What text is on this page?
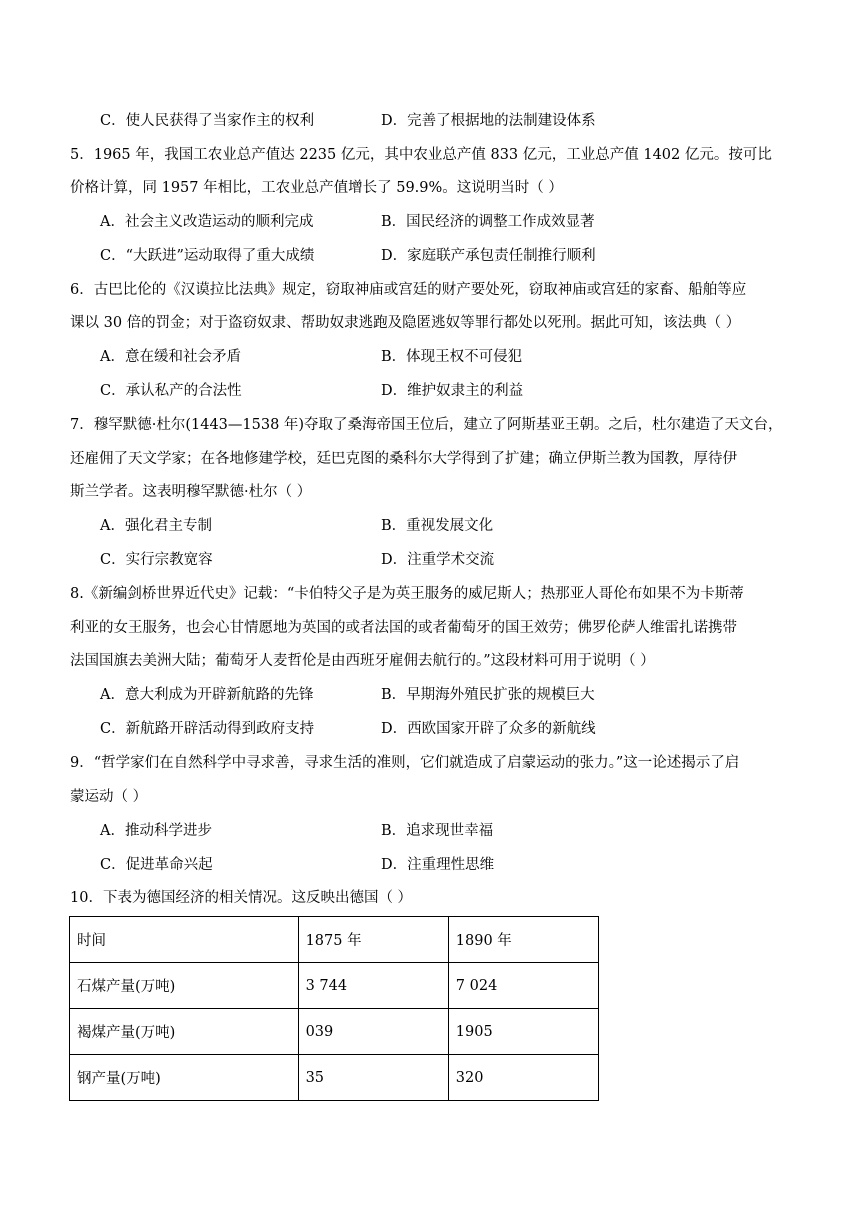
C．使人民获得了当家作主的权利	D．完善了根据地的法制建设体系
5．1965 年，我国工农业总产值达 2235 亿元，其中农业总产值 833 亿元，工业总产值 1402 亿元。按可比
价格计算，同 1957 年相比，工农业总产值增长了 59.9%。这说明当时（ ）
A．社会主义改造运动的顺利完成	B．国民经济的调整工作成效显著
C．“大跃进”运动取得了重大成绩	D．家庭联产承包责任制推行顺利
6．古巴比伦的《汉谟拉比法典》规定，窃取神庙或宫廷的财产要处死，窃取神庙或宫廷的家畜、船舶等应
课以 30 倍的罚金；对于盗窃奴隶、帮助奴隶逃跑及隐匿逃奴等罪行都处以死刑。据此可知，该法典（ ）
A．意在缓和社会矛盾	B．体现王权不可侵犯
C．承认私产的合法性	D．维护奴隶主的利益
7．穆罕默德·杜尔(1443—1538 年)夺取了桑海帝国王位后，建立了阿斯基亚王朝。之后，杜尔建造了天文台，
还雇佣了天文学家；在各地修建学校，廷巴克图的桑科尔大学得到了扩建；确立伊斯兰教为国教，厚待伊
斯兰学者。这表明穆罕默德·杜尔（ ）
A．强化君主专制	B．重视发展文化
C．实行宗教宽容	D．注重学术交流
8.《新编剑桥世界近代史》记载：“卡伯特父子是为英王服务的威尼斯人；热那亚人哥伦布如果不为卡斯蒂
利亚的女王服务，也会心甘情愿地为英国的或者法国的或者葡萄牙的国王效劳；佛罗伦萨人维雷扎诺携带
法国国旗去美洲大陆；葡萄牙人麦哲伦是由西班牙雇佣去航行的。”这段材料可用于说明（ ）
A．意大利成为开辟新航路的先锋	B．早期海外殖民扩张的规模巨大
C．新航路开辟活动得到政府支持	D．西欧国家开辟了众多的新航线
9．“哲学家们在自然科学中寻求善，寻求生活的准则，它们就造成了启蒙运动的张力。”这一论述揭示了启
蒙运动（ ）
A．推动科学进步	B．追求现世幸福
C．促进革命兴起	D．注重理性思维
10．下表为德国经济的相关情况。这反映出德国（ ）
时间	1875 年	1890 年
石煤产量(万吨)	3 744	7 024
褐煤产量(万吨)	039	1905
钢产量(万吨)	35	320
